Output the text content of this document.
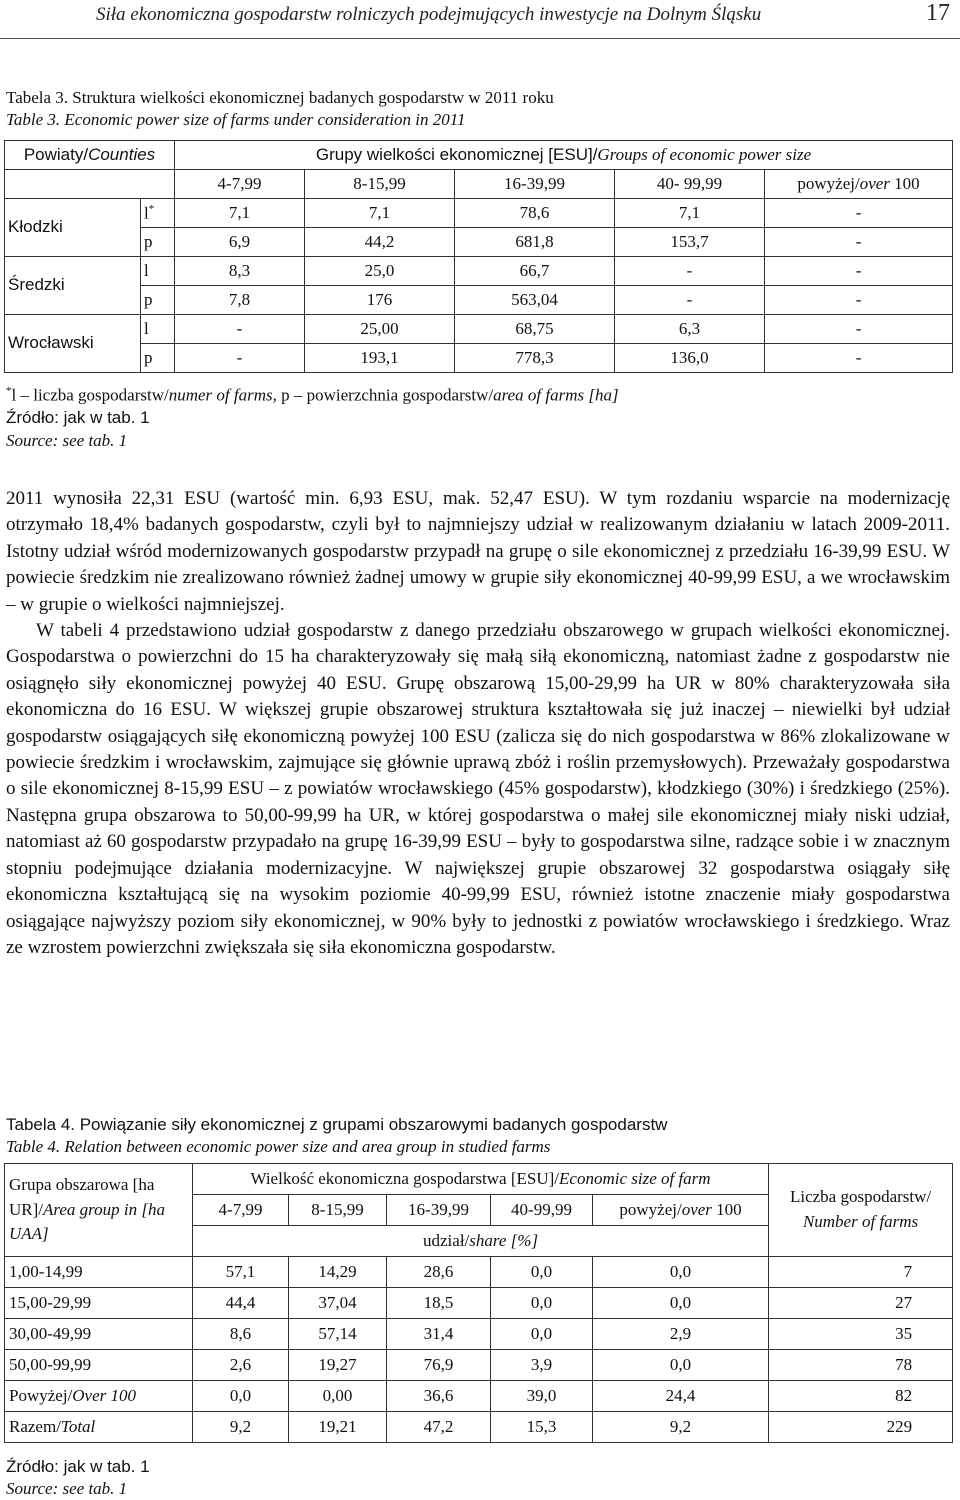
Siła ekonomiczna gospodarstw rolniczych podejmujących inwestycje na Dolnym Śląsku	17
Tabela 3. Struktura wielkości ekonomicznej badanych gospodarstw w 2011 roku
Table 3. Economic power size of farms under consideration in 2011
Powiaty/Counties		Grupy wielkości ekonomicznej [ESU]/Groups of economic power size				
		4-7,99	8-15,99	16-39,99	40- 99,99	powyżej/over 100
Kłodzki	l*	7,1	7,1	78,6	7,1	-
	p	6,9	44,2	681,8	153,7	-
Średzki	l	8,3	25,0	66,7	-	-
	p	7,8	176	563,04	-	-
Wrocławski	l	-	25,00	68,75	6,3	-
	p	-	193,1	778,3	136,0	-
*l – liczba gospodarstw/numer of farms, p – powierzchnia gospodarstw/area of farms [ha]
Źródło: jak w tab. 1
Source: see tab. 1

2011 wynosiła 22,31 ESU (wartość min. 6,93 ESU, mak. 52,47 ESU). W tym rozdaniu wsparcie na modernizację otrzymało 18,4% badanych gospodarstw, czyli był to najmniejszy udział w realizowanym działaniu w latach 2009-2011. Istotny udział wśród modernizowanych gospodarstw przypadł na grupę o sile ekonomicznej z przedziału 16-39,99 ESU. W powiecie średzkim nie zrealizowano również żadnej umowy w grupie siły ekonomicznej 40-99,99 ESU, a we wrocławskim – w grupie o wielkości najmniejszej.

W tabeli 4 przedstawiono udział gospodarstw z danego przedziału obszarowego w grupach wielkości ekonomicznej. Gospodarstwa o powierzchni do 15 ha charakteryzowały się małą siłą ekonomiczną, natomiast żadne z gospodarstw nie osiągnęło siły ekonomicznej powyżej 40 ESU. Grupę obszarową 15,00-29,99 ha UR w 80% charakteryzowała siła ekonomiczna do 16 ESU. W większej grupie obszarowej struktura kształtowała się już inaczej – niewielki był udział gospodarstw osiągających siłę ekonomiczną powyżej 100 ESU (zalicza się do nich gospodarstwa w 86% zlokalizowane w powiecie średzkim i wrocławskim, zajmujące się głównie uprawą zbóż i roślin przemysłowych). Przeważały gospodarstwa o sile ekonomicznej 8-15,99 ESU – z powiatów wrocławskiego (45% gospodarstw), kłodzkiego (30%) i średzkiego (25%). Następna grupa obszarowa to 50,00-99,99 ha UR, w której gospodarstwa o małej sile ekonomicznej miały niski udział, natomiast aż 60 gospodarstw przypadało na grupę 16-39,99 ESU – były to gospodarstwa silne, radzące sobie i w znacznym stopniu podejmujące działania modernizacyjne. W największej grupie obszarowej 32 gospodarstwa osiągały siłę ekonomiczna kształtującą się na wysokim poziomie 40-99,99 ESU, również istotne znaczenie miały gospodarstwa osiągające najwyższy poziom siły ekonomicznej, w 90% były to jednostki z powiatów wrocławskiego i średzkiego. Wraz ze wzrostem powierzchni zwiększała się siła ekonomiczna gospodarstw.

Tabela 4. Powiązanie siły ekonomicznej z grupami obszarowymi badanych gospodarstw
Table 4. Relation between economic power size and area group in studied farms
Grupa obszarowa [ha UR]/Area group in [ha UAA]	Wielkość ekonomiczna gospodarstwa [ESU]/Economic size of farm					Liczba gospodarstw/
Number of farms
	4-7,99	8-15,99	16-39,99	40-99,99	powyżej/over 100	
	udział/share [%]					
1,00-14,99	57,1	14,29	28,6	0,0	0,0	7
15,00-29,99	44,4	37,04	18,5	0,0	0,0	27
30,00-49,99	8,6	57,14	31,4	0,0	2,9	35
50,00-99,99	2,6	19,27	76,9	3,9	0,0	78
Powyżej/Over 100	0,0	0,00	36,6	39,0	24,4	82
Razem/Total	9,2	19,21	47,2	15,3	9,2	229
Źródło: jak w tab. 1
Source: see tab. 1
